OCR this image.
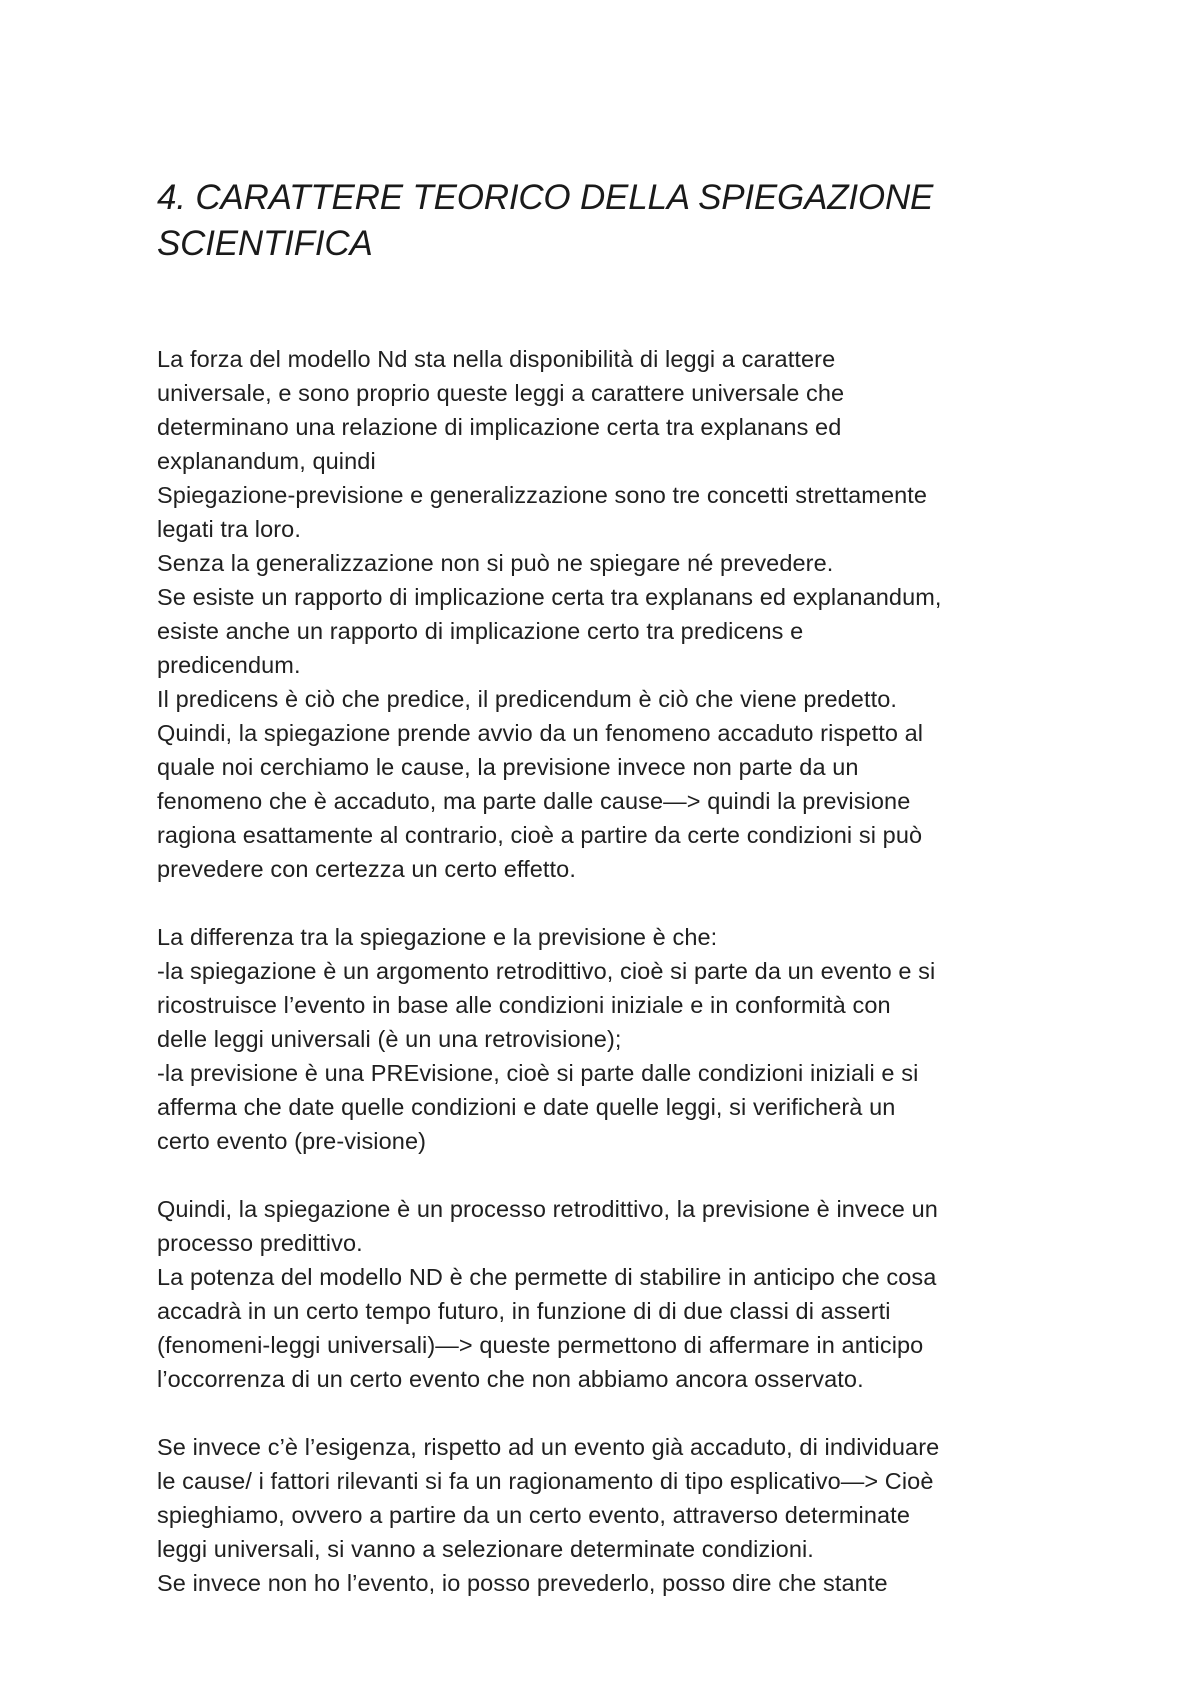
4. CARATTERE TEORICO DELLA SPIEGAZIONE
SCIENTIFICA
La forza del modello Nd sta nella disponibilità di leggi a carattere
universale, e sono proprio queste leggi a carattere universale che
determinano una relazione di implicazione certa tra explanans ed
explanandum, quindi
Spiegazione-previsione e generalizzazione sono tre concetti strettamente
legati tra loro.
Senza la generalizzazione non si può ne spiegare né prevedere.
Se esiste un rapporto di implicazione certa tra explanans ed explanandum,
esiste anche un rapporto di implicazione certo tra predicens e
predicendum.
Il predicens è ciò che predice, il predicendum è ciò che viene predetto.
Quindi, la spiegazione prende avvio da un fenomeno accaduto rispetto al
quale noi cerchiamo le cause, la previsione invece non parte da un
fenomeno che è accaduto, ma parte dalle cause—> quindi la previsione
ragiona esattamente al contrario, cioè a partire da certe condizioni si può
prevedere con certezza un certo effetto.
La differenza tra la spiegazione e la previsione è che:
-la spiegazione è un argomento retrodittivo, cioè si parte da un evento e si
ricostruisce l’evento in base alle condizioni iniziale e in conformità con
delle leggi universali (è un una retrovisione);
-la previsione è una PREvisione, cioè si parte dalle condizioni iniziali e si
afferma che date quelle condizioni e date quelle leggi, si verificherà un
certo evento (pre-visione)
Quindi, la spiegazione è un processo retrodittivo, la previsione è invece un
processo predittivo.
La potenza del modello ND è che permette di stabilire in anticipo che cosa
accadrà in un certo tempo futuro, in funzione di di due classi di asserti
(fenomeni-leggi universali)—> queste permettono di affermare in anticipo
l’occorrenza di un certo evento che non abbiamo ancora osservato.
Se invece c’è l’esigenza, rispetto ad un evento già accaduto, di individuare
le cause/ i fattori rilevanti si fa un ragionamento di tipo esplicativo—> Cioè
spieghiamo, ovvero a partire da un certo evento, attraverso determinate
leggi universali, si vanno a selezionare determinate condizioni.
Se invece non ho l’evento, io posso prevederlo, posso dire che stante
